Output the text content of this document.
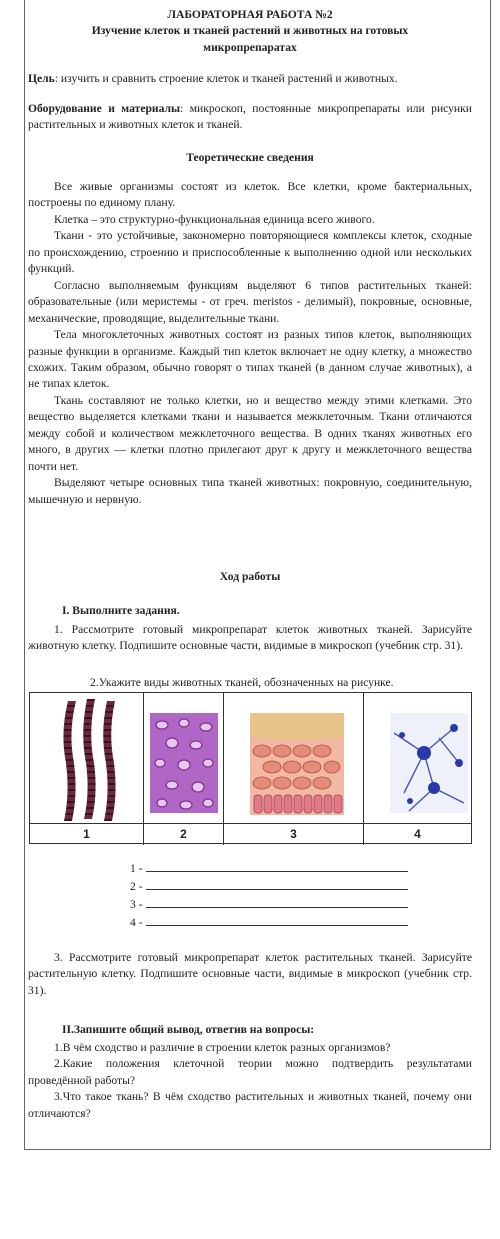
ЛАБОРАТОРНАЯ РАБОТА №2
Изучение клеток и тканей растений и животных на готовых
микропрепаратах
Цель: изучить и сравнить строение клеток и тканей растений и животных.
Оборудование и материалы: микроскоп, постоянные микропрепараты или рисунки растительных и животных клеток и тканей.
Теоретические сведения

Все живые организмы состоят из клеток. Все клетки, кроме бактериальных, построены по единому плану.

Клетка – это структурно-функциональная единица всего живого.

Ткани - это устойчивые, закономерно повторяющиеся комплексы клеток, сходные по происхождению, строению и приспособленные к выполнению одной или нескольких функций.

Согласно выполняемым функциям выделяют 6 типов растительных тканей: образовательные (или меристемы - от греч. meristos - делимый), покровные, основные, механические, проводящие, выделительные ткани.

Тела многоклеточных животных состоят из разных типов клеток, выполняющих разные функции в организме. Каждый тип клеток включает не одну клетку, а множество схожих. Таким образом, обычно говорят о типах тканей (в данном случае животных), а не типах клеток.

Ткань составляют не только клетки, но и вещество между этими клетками. Это вещество выделяется клетками ткани и называется межклеточным. Ткани отличаются между собой и количеством межклеточного вещества. В одних тканях животных его много, в других — клетки плотно прилегают друг к другу и межклеточного вещества почти нет.

Выделяют четыре основных типа тканей животных: покровную, соединительную, мышечную и нервную.

Ход работы
I. Выполните задания.
1. Рассмотрите готовый микропрепарат клеток животных тканей. Зарисуйте животную клетку. Подпишите основные части, видимые в микроскоп (учебник стр. 31).
2.Укажите виды животных тканей, обозначенных на рисунке.
1	2	3	4
1 -
2 -
3 -
4 -
3. Рассмотрите готовый микропрепарат клеток растительных тканей. Зарисуйте растительную клетку. Подпишите основные части, видимые в микроскоп (учебник стр. 31).
II.Запишите общий вывод, ответив на вопросы:

1.В чём сходство и различие в строении клеток разных организмов?

2.Какие положения клеточной теории можно подтвердить результатами проведённой работы?

3.Что такое ткань? В чём сходство растительных и животных тканей, почему они отличаются?
